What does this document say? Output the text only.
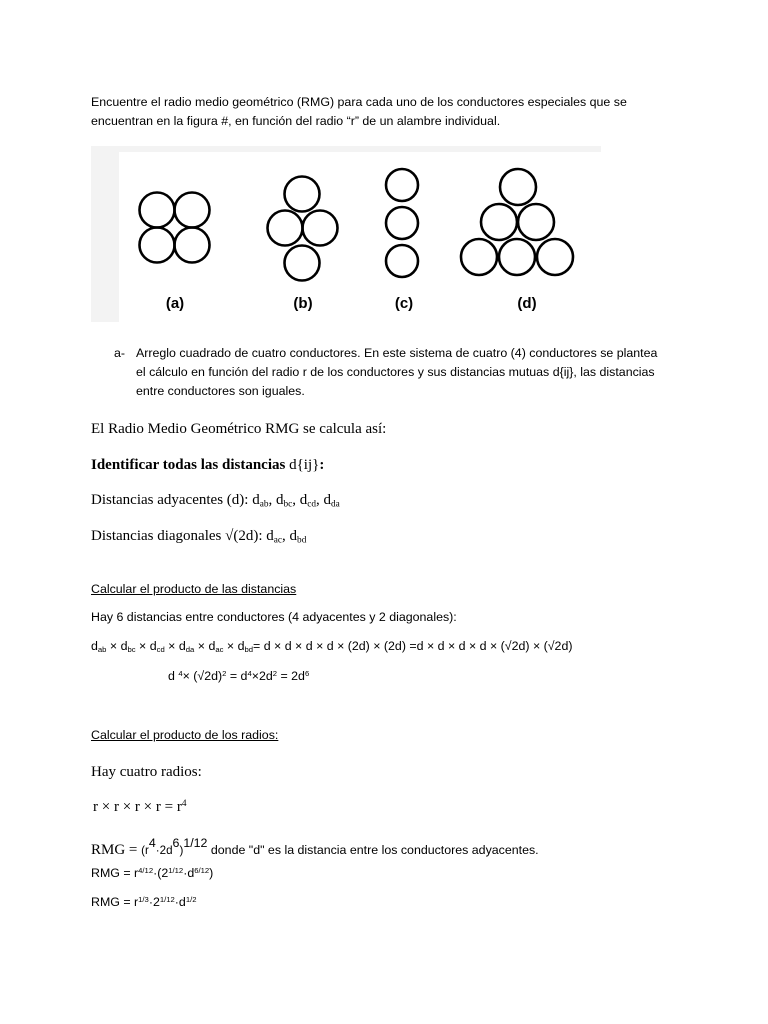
Encuentre el radio medio geométrico (RMG) para cada uno de los conductores especiales que se
encuentran en la figura #, en función del radio “r” de un alambre individual.
(a)	(b)	(c)	(d)
a- Arreglo cuadrado de cuatro conductores. En este sistema de cuatro (4) conductores se plantea
el cálculo en función del radio r de los conductores y sus distancias mutuas d{ij}, las distancias
entre conductores son iguales.
El Radio Medio Geométrico RMG se calcula así:
Identificar todas las distancias d{ij}:
Distancias adyacentes (d): $d_{ab}$, $d_{bc}$, $d_{cd}$, $d_{da}$
Distancias diagonales √(2d): $d_{ac}$, $d_{bd}$
Calcular el producto de las distancias
Hay 6 distancias entre conductores (4 adyacentes y 2 diagonales):
$d_{ab} \times d_{bc} \times d_{cd} \times d_{da} \times d_{ac} \times d_{bd}= d \times d \times d \times d \times (2d) \times (2d) =d \times d \times d \times d \times (√2d) \times (√2d)$
d $^4\times (√2d)^2 = d^4\times 2d^2 = 2d^6$
Calcular el producto de los radios:
Hay cuatro radios:
$r \times r \times r \times r = r^4$
RMG = $(r^4\cdot 2d^6)^{1/12}$ donde "d" es la distancia entre los conductores adyacentes.
RMG = $r^{4/12}\cdot(2^{1/12}\cdot d^{6/12})$
RMG = $r^{1/3}\cdot 2^{1/12}\cdot d^{1/2}$
